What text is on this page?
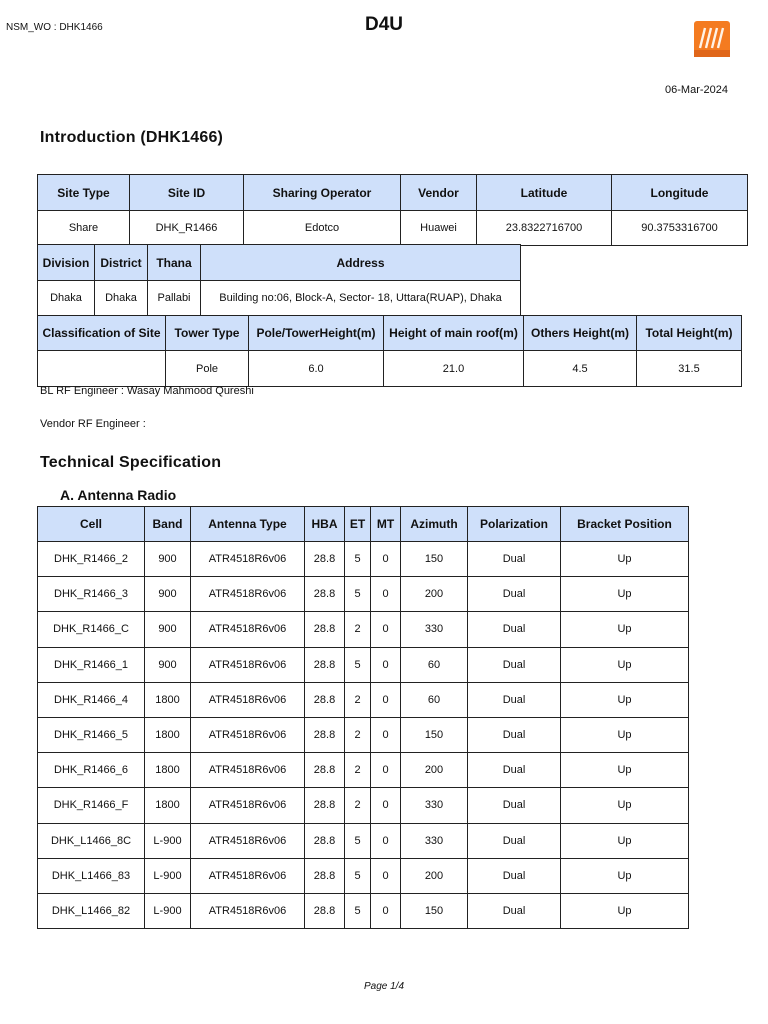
NSM_WO : DHK1466	D4U
06-Mar-2024
Introduction (DHK1466)
Site Type	Site ID	Sharing Operator	Vendor	Latitude	Longitude
Share	DHK_R1466	Edotco	Huawei	23.8322716700	90.3753316700
Division	District	Thana	Address
Dhaka	Dhaka	Pallabi	Building no:06, Block-A, Sector- 18, Uttara(RUAP), Dhaka
Classification of Site	Tower Type	Pole/TowerHeight(m)	Height of main roof(m)	Others Height(m)	Total Height(m)
	Pole	6.0	21.0	4.5	31.5
BL RF Engineer : Wasay Mahmood Qureshi
Vendor RF Engineer :
Technical Specification
A. Antenna Radio
Cell	Band	Antenna Type	HBA	ET	MT	Azimuth	Polarization	Bracket Position
DHK_R1466_2	900	ATR4518R6v06	28.8	5	0	150	Dual	Up
DHK_R1466_3	900	ATR4518R6v06	28.8	5	0	200	Dual	Up
DHK_R1466_C	900	ATR4518R6v06	28.8	2	0	330	Dual	Up
DHK_R1466_1	900	ATR4518R6v06	28.8	5	0	60	Dual	Up
DHK_R1466_4	1800	ATR4518R6v06	28.8	2	0	60	Dual	Up
DHK_R1466_5	1800	ATR4518R6v06	28.8	2	0	150	Dual	Up
DHK_R1466_6	1800	ATR4518R6v06	28.8	2	0	200	Dual	Up
DHK_R1466_F	1800	ATR4518R6v06	28.8	2	0	330	Dual	Up
DHK_L1466_8C	L-900	ATR4518R6v06	28.8	5	0	330	Dual	Up
DHK_L1466_83	L-900	ATR4518R6v06	28.8	5	0	200	Dual	Up
DHK_L1466_82	L-900	ATR4518R6v06	28.8	5	0	150	Dual	Up
Page 1/4
